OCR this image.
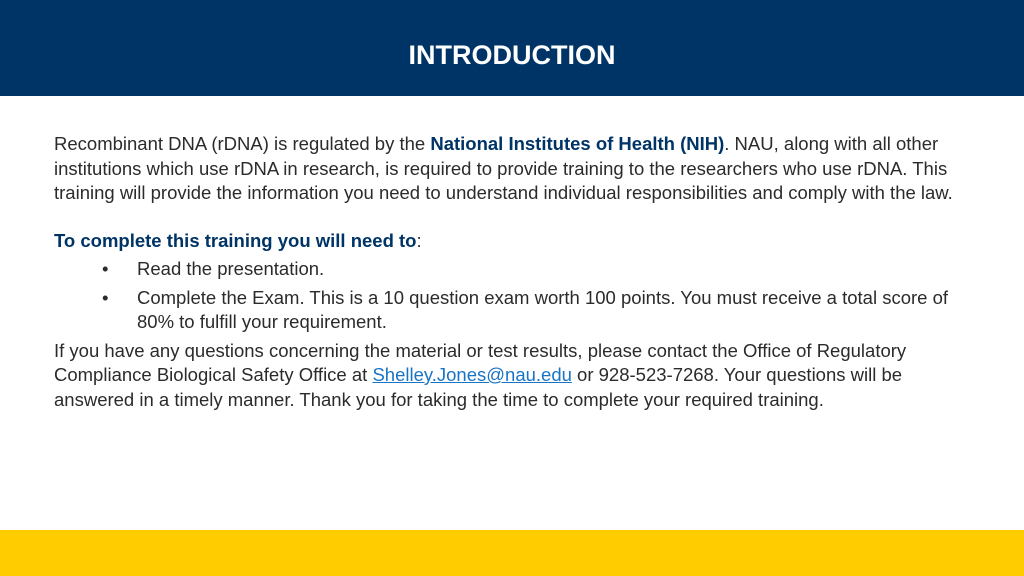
INTRODUCTION

Recombinant DNA (rDNA) is regulated by the National Institutes of Health (NIH). NAU, along with all other institutions which use rDNA in research, is required to provide training to the researchers who use rDNA. This training will provide the information you need to understand individual responsibilities and comply with the law.

To complete this training you will need to:

• Read the presentation.
• Complete the Exam. This is a 10 question exam worth 100 points. You must receive a total score of 80% to fulfill your requirement.

If you have any questions concerning the material or test results, please contact the Office of Regulatory Compliance Biological Safety Office at Shelley.Jones@nau.edu or 928-523-7268. Your questions will be answered in a timely manner. Thank you for taking the time to complete your required training.
